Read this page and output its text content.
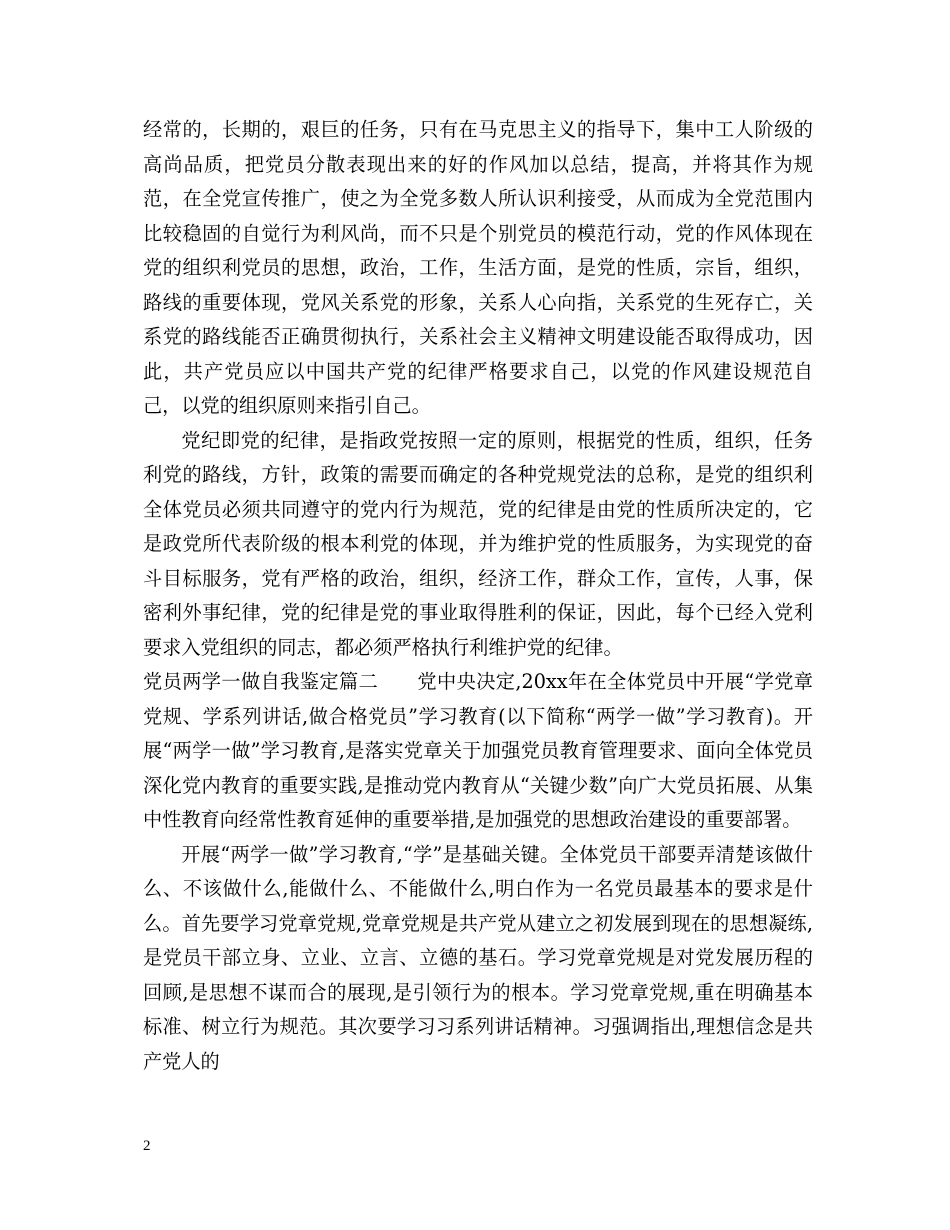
经常的，长期的，艰巨的任务，只有在马克思主义的指导下，集中工人阶级的高尚品质，把党员分散表现出来的好的作风加以总结，提高，并将其作为规范，在全党宣传推广，使之为全党多数人所认识利接受，从而成为全党范围内比较稳固的自觉行为利风尚，而不只是个别党员的模范行动，党的作风体现在党的组织利党员的思想，政治，工作，生活方面，是党的性质，宗旨，组织，路线的重要体现，党风关系党的形象，关系人心向指，关系党的生死存亡，关系党的路线能否正确贯彻执行，关系社会主义精神文明建设能否取得成功，因此，共产党员应以中国共产党的纪律严格要求自己，以党的作风建设规范自己，以党的组织原则来指引自己。

党纪即党的纪律，是指政党按照一定的原则，根据党的性质，组织，任务利党的路线，方针，政策的需要而确定的各种党规党法的总称，是党的组织利全体党员必须共同遵守的党内行为规范，党的纪律是由党的性质所决定的，它是政党所代表阶级的根本利党的体现，并为维护党的性质服务，为实现党的奋斗目标服务，党有严格的政治，组织，经济工作，群众工作，宣传，人事，保密利外事纪律，党的纪律是党的事业取得胜利的保证，因此，每个已经入党利要求入党组织的同志，都必须严格执行利维护党的纪律。

党员两学一做自我鉴定篇二　　党中央决定,20xx年在全体党员中开展“学党章党规、学系列讲话,做合格党员”学习教育(以下简称“两学一做”学习教育)。开展“两学一做”学习教育,是落实党章关于加强党员教育管理要求、面向全体党员深化党内教育的重要实践,是推动党内教育从“关键少数”向广大党员拓展、从集中性教育向经常性教育延伸的重要举措,是加强党的思想政治建设的重要部署。

开展“两学一做”学习教育,“学”是基础关键。全体党员干部要弄清楚该做什么、不该做什么,能做什么、不能做什么,明白作为一名党员最基本的要求是什么。首先要学习党章党规,党章党规是共产党从建立之初发展到现在的思想凝练,是党员干部立身、立业、立言、立德的基石。学习党章党规是对党发展历程的回顾,是思想不谋而合的展现,是引领行为的根本。学习党章党规,重在明确基本标准、树立行为规范。其次要学习习系列讲话精神。习强调指出,理想信念是共产党人的

2
